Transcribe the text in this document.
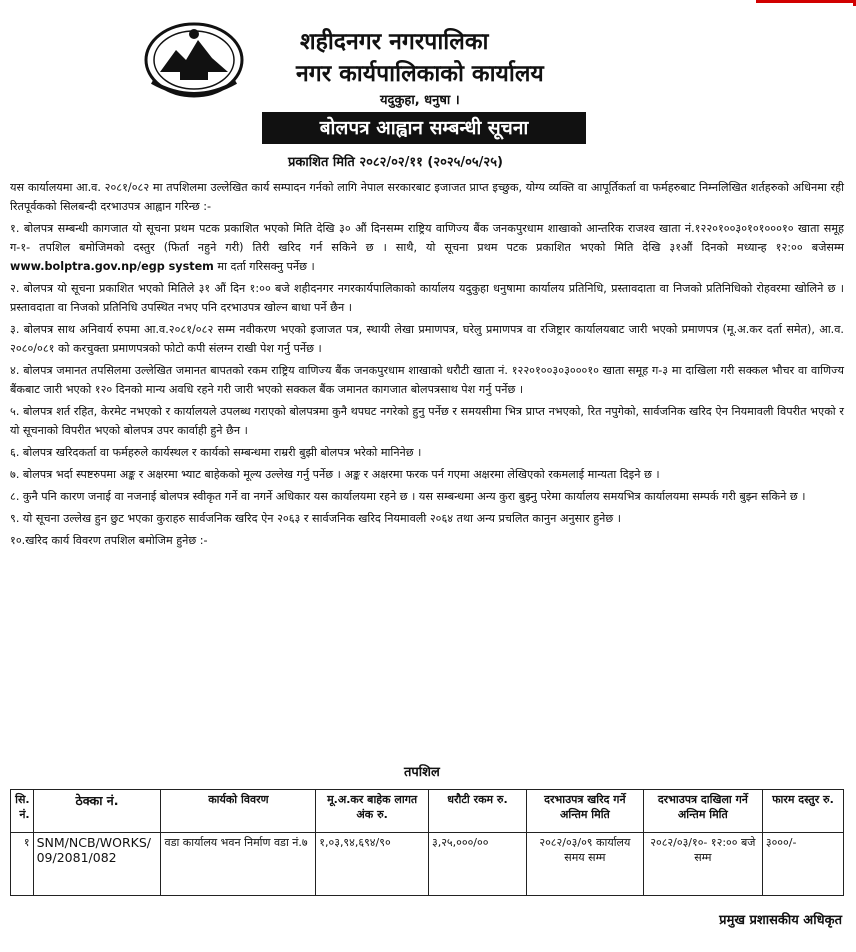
शहीदनगर नगरपालिका
नगर कार्यपालिकाको कार्यालय
यदुकुहा, धनुषा ।
बोलपत्र आह्वान सम्बन्धी सूचना
प्रकाशित मिति २०८२/०२/११ (२०२५/०५/२५)

यस कार्यालयमा आ.व. २०८१/०८२ मा तपशिलमा उल्लेखित कार्य सम्पादन गर्नको लागि नेपाल सरकारबाट इजाजत प्राप्त इच्छुक, योग्य व्यक्ति वा आपूर्तिकर्ता वा फर्महरुबाट निम्नलिखित शर्तहरुको अधिनमा रही रितपूर्वकको सिलबन्दी दरभाउपत्र आह्वान गरिन्छ :-

१. बोलपत्र सम्बन्धी कागजात यो सूचना प्रथम पटक प्रकाशित भएको मिति देखि ३० औं दिनसम्म राष्ट्रिय वाणिज्य बैंक जनकपुरधाम शाखाको आन्तरिक राजश्व खाता नं.१२२०१००३०१०१०००१० खाता समूह ग-१- तपशिल बमोजिमको दस्तुर (फिर्ता नहुने गरी) तिरी खरिद गर्न सकिने छ । साथै, यो सूचना प्रथम पटक प्रकाशित भएको मिति देखि ३१औं दिनको मध्यान्ह १२:०० बजेसम्म www.bolptra.gov.np/egp system मा दर्ता गरिसक्नु पर्नेछ ।

२. बोलपत्र यो सूचना प्रकाशित भएको मितिले ३१ औं दिन १:०० बजे शहीदनगर नगरकार्यपालिकाको कार्यालय यदुकुहा धनुषामा कार्यालय प्रतिनिधि, प्रस्तावदाता वा निजको प्रतिनिधिको रोहवरमा खोलिने छ । प्रस्तावदाता वा निजको प्रतिनिधि उपस्थित नभए पनि दरभाउपत्र खोल्न बाधा पर्ने छैन ।

३. बोलपत्र साथ अनिवार्य रुपमा आ.व.२०८१/०८२ सम्म नवीकरण भएको इजाजत पत्र, स्थायी लेखा प्रमाणपत्र, घरेलु प्रमाणपत्र वा रजिष्ट्रार कार्यालयबाट जारी भएको प्रमाणपत्र (मू.अ.कर दर्ता समेत), आ.व. २०८०/०८१ को करचुक्ता प्रमाणपत्रको फोटो कपी संलग्न राखी पेश गर्नु पर्नेछ ।

४. बोलपत्र जमानत तपसिलमा उल्लेखित जमानत बापतको रकम राष्ट्रिय वाणिज्य बैंक जनकपुरधाम शाखाको धरौटी खाता नं. १२२०१००३०३०००१० खाता समूह ग-३ मा दाखिला गरी सक्कल भौचर वा वाणिज्य बैंकबाट जारी भएको १२० दिनको मान्य अवधि रहने गरी जारी भएको सक्कल बैंक जमानत कागजात बोलपत्रसाथ पेश गर्नु पर्नेछ ।

५. बोलपत्र शर्त रहित, केरमेट नभएको र कार्यालयले उपलब्ध गराएको बोलपत्रमा कुनै थपघट नगरेको हुनु पर्नेछ र समयसीमा भित्र प्राप्त नभएको, रित नपुगेको, सार्वजनिक खरिद ऐन नियमावली विपरीत भएको र यो सूचनाको विपरीत भएको बोलपत्र उपर कार्वाही हुने छैन ।

६. बोलपत्र खरिदकर्ता वा फर्महरुले कार्यस्थल र कार्यको सम्बन्धमा राम्ररी बुझी बोलपत्र भरेको मानिनेछ ।

७. बोलपत्र भर्दा स्पष्टरुपमा अङ्क र अक्षरमा भ्याट बाहेकको मूल्य उल्लेख गर्नु पर्नेछ । अङ्क र अक्षरमा फरक पर्न गएमा अक्षरमा लेखिएको रकमलाई मान्यता दिइने छ ।

८. कुनै पनि कारण जनाई वा नजनाई बोलपत्र स्वीकृत गर्ने वा नगर्ने अधिकार यस कार्यालयमा रहने छ । यस सम्बन्धमा अन्य कुरा बुझ्नु परेमा कार्यालय समयभित्र कार्यालयमा सम्पर्क गरी बुझ्न सकिने छ ।

९. यो सूचना उल्लेख हुन छुट भएका कुराहरु सार्वजनिक खरिद ऐन २०६३ र सार्वजनिक खरिद नियमावली २०६४ तथा अन्य प्रचलित कानुन अनुसार हुनेछ ।

१०.खरिद कार्य विवरण तपशिल बमोजिम हुनेछ :-

तपशिल
सि. नं.	ठेक्का नं.	कार्यको विवरण	मू.अ.कर बाहेक लागत अंक रु.	धरौटी रकम रु.	दरभाउपत्र खरिद गर्ने अन्तिम मिति	दरभाउपत्र दाखिला गर्ने अन्तिम मिति	फारम दस्तुर रु.
१	SNM/NCB/WORKS/ 09/2081/082	वडा कार्यालय भवन निर्माण वडा नं.७	१,०३,९४,६९४/९०	३,२५,०००/००	२०८२/०३/०९ कार्यालय समय सम्म	२०८२/०३/१०- १२:०० बजे सम्म	३०००/-
प्रमुख प्रशासकीय अधिकृत
